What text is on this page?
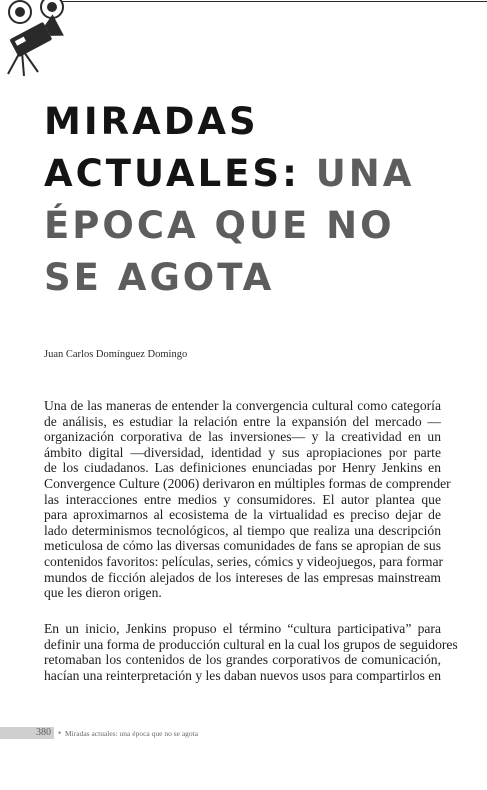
MIRADAS
ACTUALES: UNA
ÉPOCA QUE NO
SE AGOTA
Juan Carlos Domínguez Domingo

Una de las maneras de entender la convergencia cultural como categoría
de análisis, es estudiar la relación entre la expansión del mercado —
organización corporativa de las inversiones— y la creatividad en un
ámbito digital —diversidad, identidad y sus apropiaciones por parte
de los ciudadanos. Las definiciones enunciadas por Henry Jenkins en
Convergence Culture (2006) derivaron en múltiples formas de comprender
las interacciones entre medios y consumidores. El autor plantea que
para aproximarnos al ecosistema de la virtualidad es preciso dejar de
lado determinismos tecnológicos, al tiempo que realiza una descripción
meticulosa de cómo las diversas comunidades de fans se apropian de sus
contenidos favoritos: películas, series, cómics y videojuegos, para formar
mundos de ficción alejados de los intereses de las empresas mainstream
que les dieron origen.

En un inicio, Jenkins propuso el término “cultura participativa” para
definir una forma de producción cultural en la cual los grupos de seguidores
retomaban los contenidos de los grandes corporativos de comunicación,
hacían una reinterpretación y les daban nuevos usos para compartirlos en

380 • Miradas actuales: una época que no se agota
